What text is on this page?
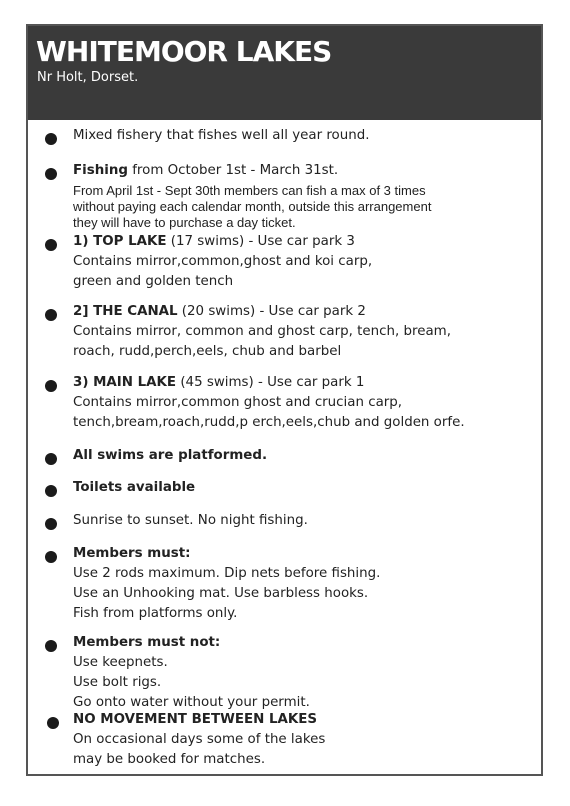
WHITEMOOR LAKES
Nr Holt, Dorset.
Mixed fishery that fishes well all year round.
Fishing from October 1st - March 31st.
From April 1st - Sept 30th members can fish a max of 3 times
without paying each calendar month, outside this arrangement
they will have to purchase a day ticket.
1) TOP LAKE (17 swims) - Use car park 3
Contains mirror,common,ghost and koi carp,
green and golden tench
2] THE CANAL (20 swims) - Use car park 2
Contains mirror, common and ghost carp, tench, bream,
roach, rudd,perch,eels, chub and barbel
3) MAIN LAKE (45 swims) - Use car park 1
Contains mirror,common ghost and crucian carp,
tench,bream,roach,rudd,p erch,eels,chub and golden orfe.
All swims are platformed.
Toilets available
Sunrise to sunset. No night fishing.
Members must:
Use 2 rods maximum. Dip nets before fishing.
Use an Unhooking mat. Use barbless hooks.
Fish from platforms only.
Members must not:
Use keepnets.
Use bolt rigs.
Go onto water without your permit.
NO MOVEMENT BETWEEN LAKES
On occasional days some of the lakes
may be booked for matches.
